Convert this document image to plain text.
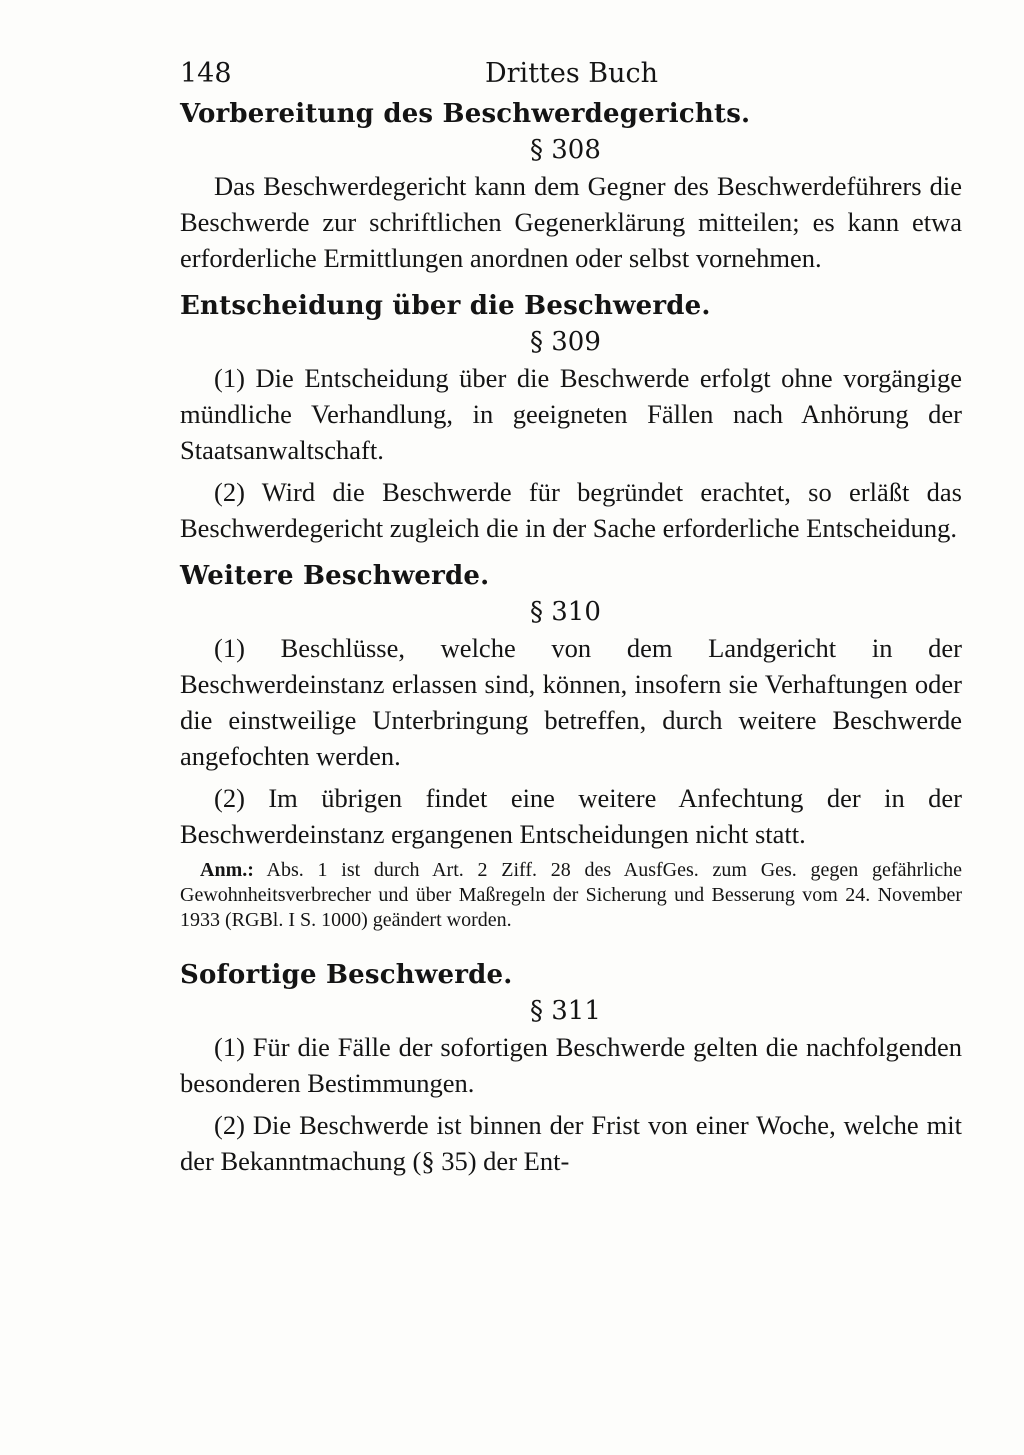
148	Drittes Buch
Vorbereitung des Beschwerdegerichts.
§ 308

Das Beschwerdegericht kann dem Gegner des Beschwerdeführers die Beschwerde zur schriftlichen Gegenerklärung mitteilen; es kann etwa erforderliche Ermittlungen anordnen oder selbst vornehmen.

Entscheidung über die Beschwerde.
§ 309

(1) Die Entscheidung über die Beschwerde erfolgt ohne vorgängige mündliche Verhandlung, in geeigneten Fällen nach Anhörung der Staatsanwaltschaft.

(2) Wird die Beschwerde für begründet erachtet, so erläßt das Beschwerdegericht zugleich die in der Sache erforderliche Entscheidung.

Weitere Beschwerde.
§ 310

(1) Beschlüsse, welche von dem Landgericht in der Beschwerdeinstanz erlassen sind, können, insofern sie Verhaftungen oder die einstweilige Unterbringung betreffen, durch weitere Beschwerde angefochten werden.

(2) Im übrigen findet eine weitere Anfechtung der in der Beschwerdeinstanz ergangenen Entscheidungen nicht statt.

Anm.: Abs. 1 ist durch Art. 2 Ziff. 28 des AusfGes. zum Ges. gegen gefährliche Gewohnheitsverbrecher und über Maßregeln der Sicherung und Besserung vom 24. November 1933 (RGBl. I S. 1000) geändert worden.

Sofortige Beschwerde.
§ 311

(1) Für die Fälle der sofortigen Beschwerde gelten die nachfolgenden besonderen Bestimmungen.

(2) Die Beschwerde ist binnen der Frist von einer Woche, welche mit der Bekanntmachung (§ 35) der Ent-
